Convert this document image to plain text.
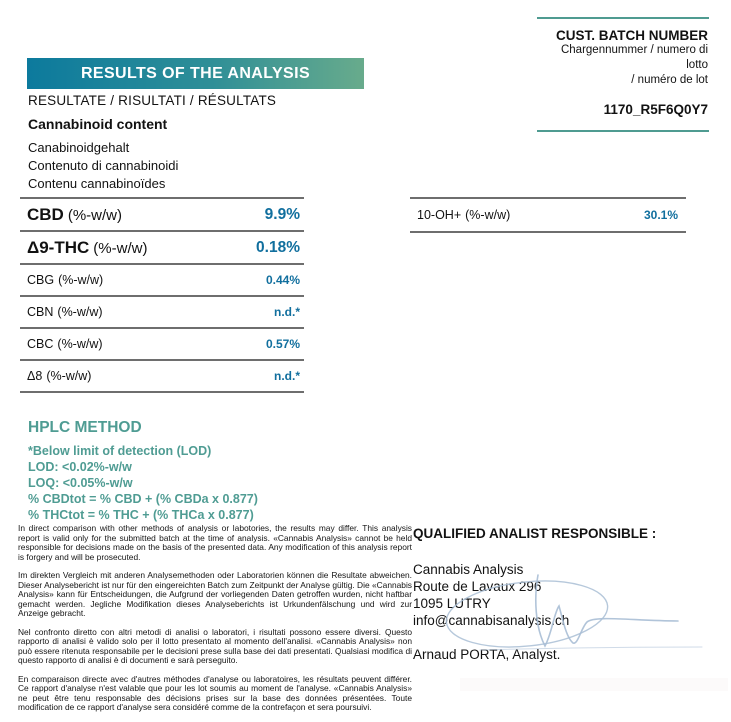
RESULTS OF THE ANALYSIS
RESULTATE / RISULTATI / RÉSULTATS
CUST. BATCH NUMBER
Chargennummer / numero di lotto
/ numéro de lot
1170_R5F6Q0Y7
Cannabinoid content
Canabinoidgehalt
Contenuto di cannabinoidi
Contenu cannabinoïdes
CBD (%-w/w)	9.9%
Δ9-THC (%-w/w)	0.18%
CBG (%-w/w)	0.44%
CBN (%-w/w)	n.d.*
CBC (%-w/w)	0.57%
Δ8 (%-w/w)	n.d.*
10-OH+ (%-w/w)	30.1%
HPLC METHOD
*Below limit of detection (LOD)
LOD: <0.02%-w/w
LOQ: <0.05%-w/w
% CBDtot = % CBD + (% CBDa x 0.877)
% THCtot = % THC + (% THCa x 0.877)

In direct comparison with other methods of analysis or labotories, the results may differ. This analysis report is valid only for the submitted batch at the time of analysis. «Cannabis Analysis» cannot be held responsible for decisions made on the basis of the presented data. Any modification of this analysis report is forgery and will be prosecuted.

Im direkten Vergleich mit anderen Analysemethoden oder Laboratorien können die Resultate abweichen. Dieser Analysebericht ist nur für den eingereichten Batch zum Zeitpunkt der Analyse gültig. Die «Cannabis Analysis» kann für Entscheidungen, die Aufgrund der vorliegenden Daten getroffen wurden, nicht haftbar gemacht werden. Jegliche Modifikation dieses Analyseberichts ist Urkundenfälschung und wird zur Anzeige gebracht.

Nel confronto diretto con altri metodi di analisi o laboratori, i risultati possono essere diversi. Questo rapporto di analisi è valido solo per il lotto presentato al momento dell'analisi. «Cannabis Analysis» non può essere ritenuta responsabile per le decisioni prese sulla base dei dati presentati. Qualsiasi modifica di questo rapporto di analisi è di documenti e sarà perseguito.

En comparaison directe avec d'autres méthodes d'analyse ou laboratoires, les résultats peuvent différer. Ce rapport d'analyse n'est valable que pour les lot soumis au moment de l'analyse. «Cannabis Analysis» ne peut être tenu responsable des décisions prises sur la base des données présentées. Toute modification de ce rapport d'analyse sera considéré comme de la contrefaçon et sera poursuivi.

QUALIFIED ANALIST RESPONSIBLE :
Cannabis Analysis
Route de Lavaux 296
1095 LUTRY
info@cannabisanalysis.ch
Arnaud PORTA, Analyst.
